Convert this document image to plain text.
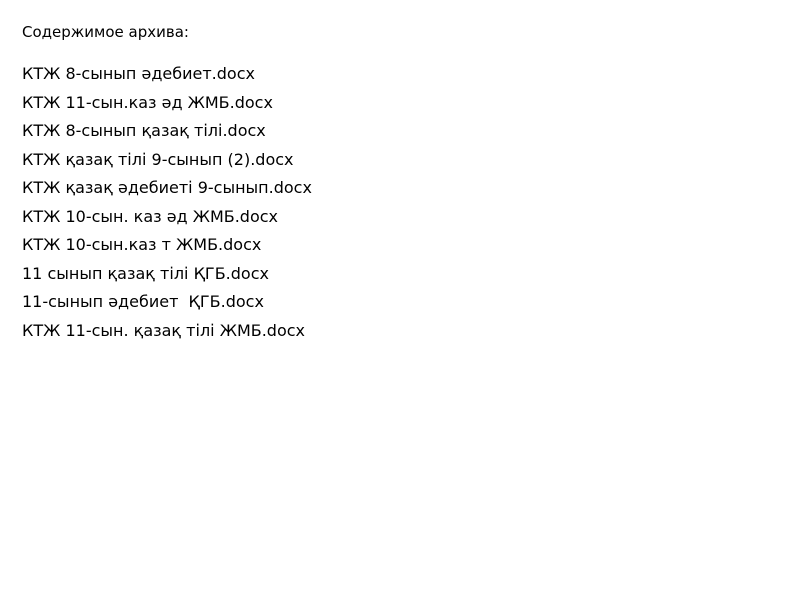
Содержимое архива:

КТЖ 8-сынып әдебиет.docx
КТЖ 11-сын.каз әд ЖМБ.docx
КТЖ 8-сынып қазақ тілі.docx
КТЖ қазақ тілі 9-сынып (2).docx
КТЖ қазақ әдебиеті 9-сынып.docx
КТЖ 10-сын. каз әд ЖМБ.docx
КТЖ 10-сын.каз т ЖМБ.docx
11 сынып қазақ тілі ҚГБ.docx
11-сынып әдебиет  ҚГБ.docx
КТЖ 11-сын. қазақ тілі ЖМБ.docx
